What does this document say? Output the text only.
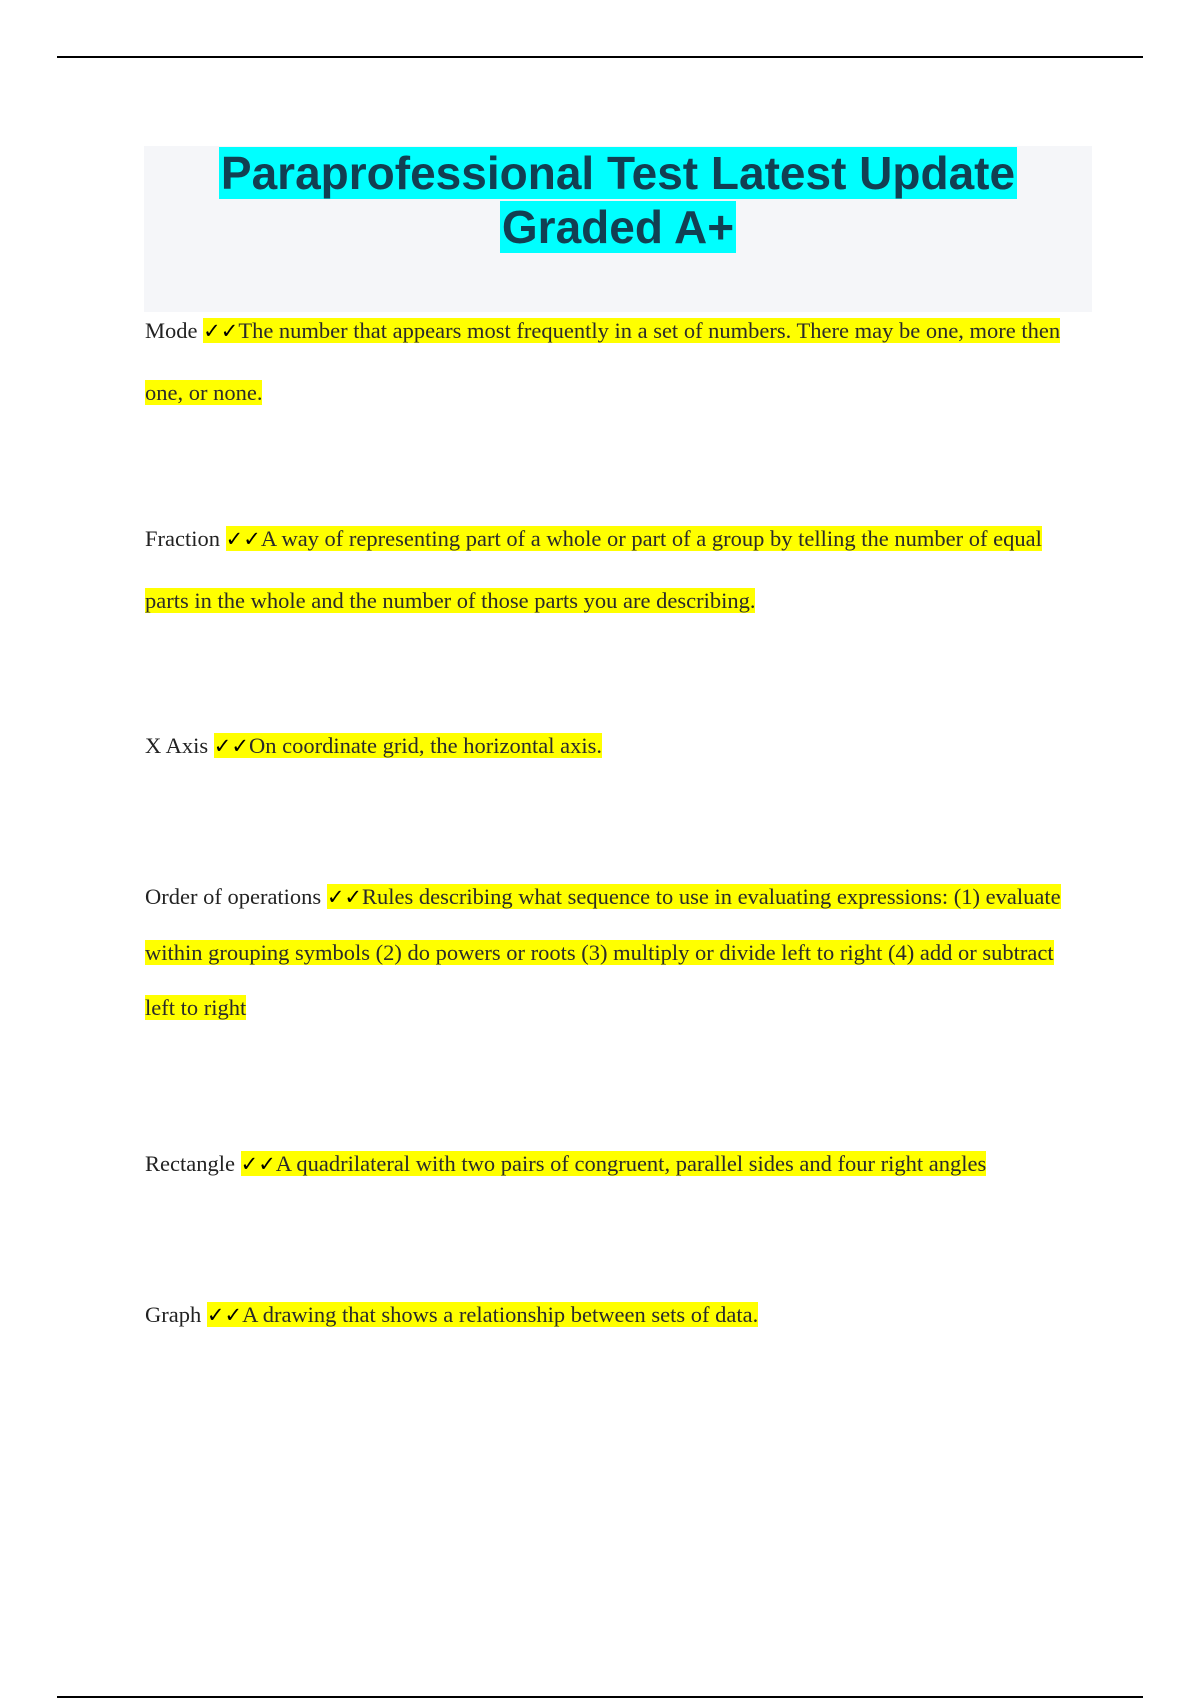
Paraprofessional Test Latest Update
Graded A+
Mode ✓✓The number that appears most frequently in a set of numbers. There may be one, more then one, or none.
Fraction ✓✓A way of representing part of a whole or part of a group by telling the number of equal parts in the whole and the number of those parts you are describing.
X Axis ✓✓On coordinate grid, the horizontal axis.
Order of operations ✓✓Rules describing what sequence to use in evaluating expressions: (1) evaluate within grouping symbols (2) do powers or roots (3) multiply or divide left to right (4) add or subtract left to right
Rectangle ✓✓A quadrilateral with two pairs of congruent, parallel sides and four right angles
Graph ✓✓A drawing that shows a relationship between sets of data.
